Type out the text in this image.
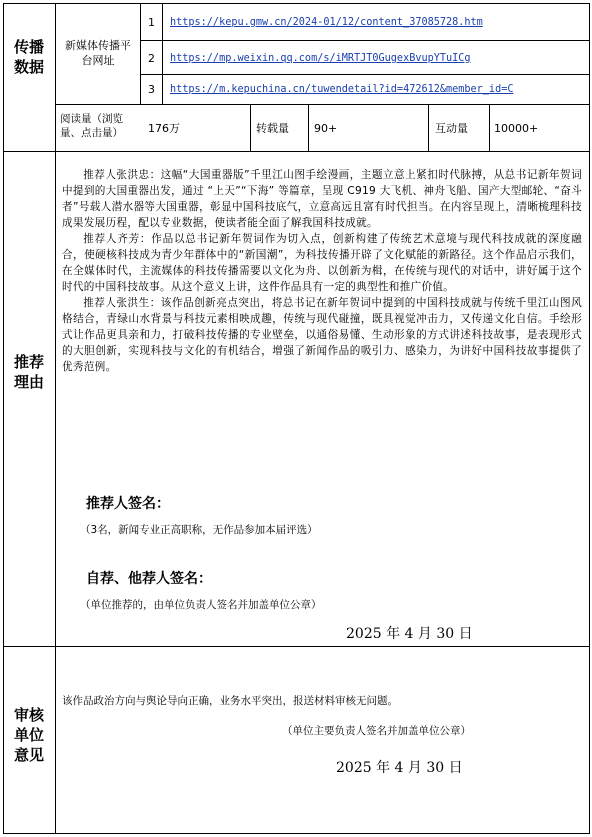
传播数据
推荐理由
审核单位意见
新媒体传播平台网址
1	https://kepu.gmw.cn/2024-01/12/content_37085728.htm
2	https://mp.weixin.qq.com/s/iMRTJT0GugexBvupYTuICg
3	https://m.kepuchina.cn/tuwendetail?id=472612&member_id=C
阅读量（浏览量、点击量）	176万	转载量 90+	互动量 10000+

推荐人张洪忠：这幅“大国重器版”千里江山图手绘漫画，主题立意上紧扣时代脉搏，从总书记新年贺词中提到的大国重器出发，通过 “上天”“下海” 等篇章，呈现 C919 大飞机、神舟飞船、国产大型邮轮、“奋斗者”号载人潜水器等大国重器，彰显中国科技底气，立意高远且富有时代担当。在内容呈现上，清晰梳理科技成果发展历程，配以专业数据，使读者能全面了解我国科技成就。

推荐人齐芳：作品以总书记新年贺词作为切入点，创新构建了传统艺术意境与现代科技成就的深度融合，使硬核科技成为青少年群体中的“新国潮”，为科技传播开辟了文化赋能的新路径。这个作品启示我们，在全媒体时代，主流媒体的科技传播需要以文化为舟、以创新为楫，在传统与现代的对话中，讲好属于这个时代的中国科技故事。从这个意义上讲，这件作品具有一定的典型性和推广价值。

推荐人张洪生：该作品创新亮点突出，将总书记在新年贺词中提到的中国科技成就与传统千里江山图风格结合，青绿山水背景与科技元素相映成趣，传统与现代碰撞，既具视觉冲击力，又传递文化自信。手绘形式让作品更具亲和力，打破科技传播的专业壁垒，以通俗易懂、生动形象的方式讲述科技故事，是表现形式的大胆创新，实现科技与文化的有机结合，增强了新闻作品的吸引力、感染力，为讲好中国科技故事提供了优秀范例。

推荐人签名：
（3名，新闻专业正高职称，无作品参加本届评选）
自荐、他荐人签名：
（单位推荐的，由单位负责人签名并加盖单位公章）
2025 年 4 月 30 日
该作品政治方向与舆论导向正确，业务水平突出，报送材料审核无问题。
（单位主要负责人签名并加盖单位公章）
2025 年 4 月 30 日
